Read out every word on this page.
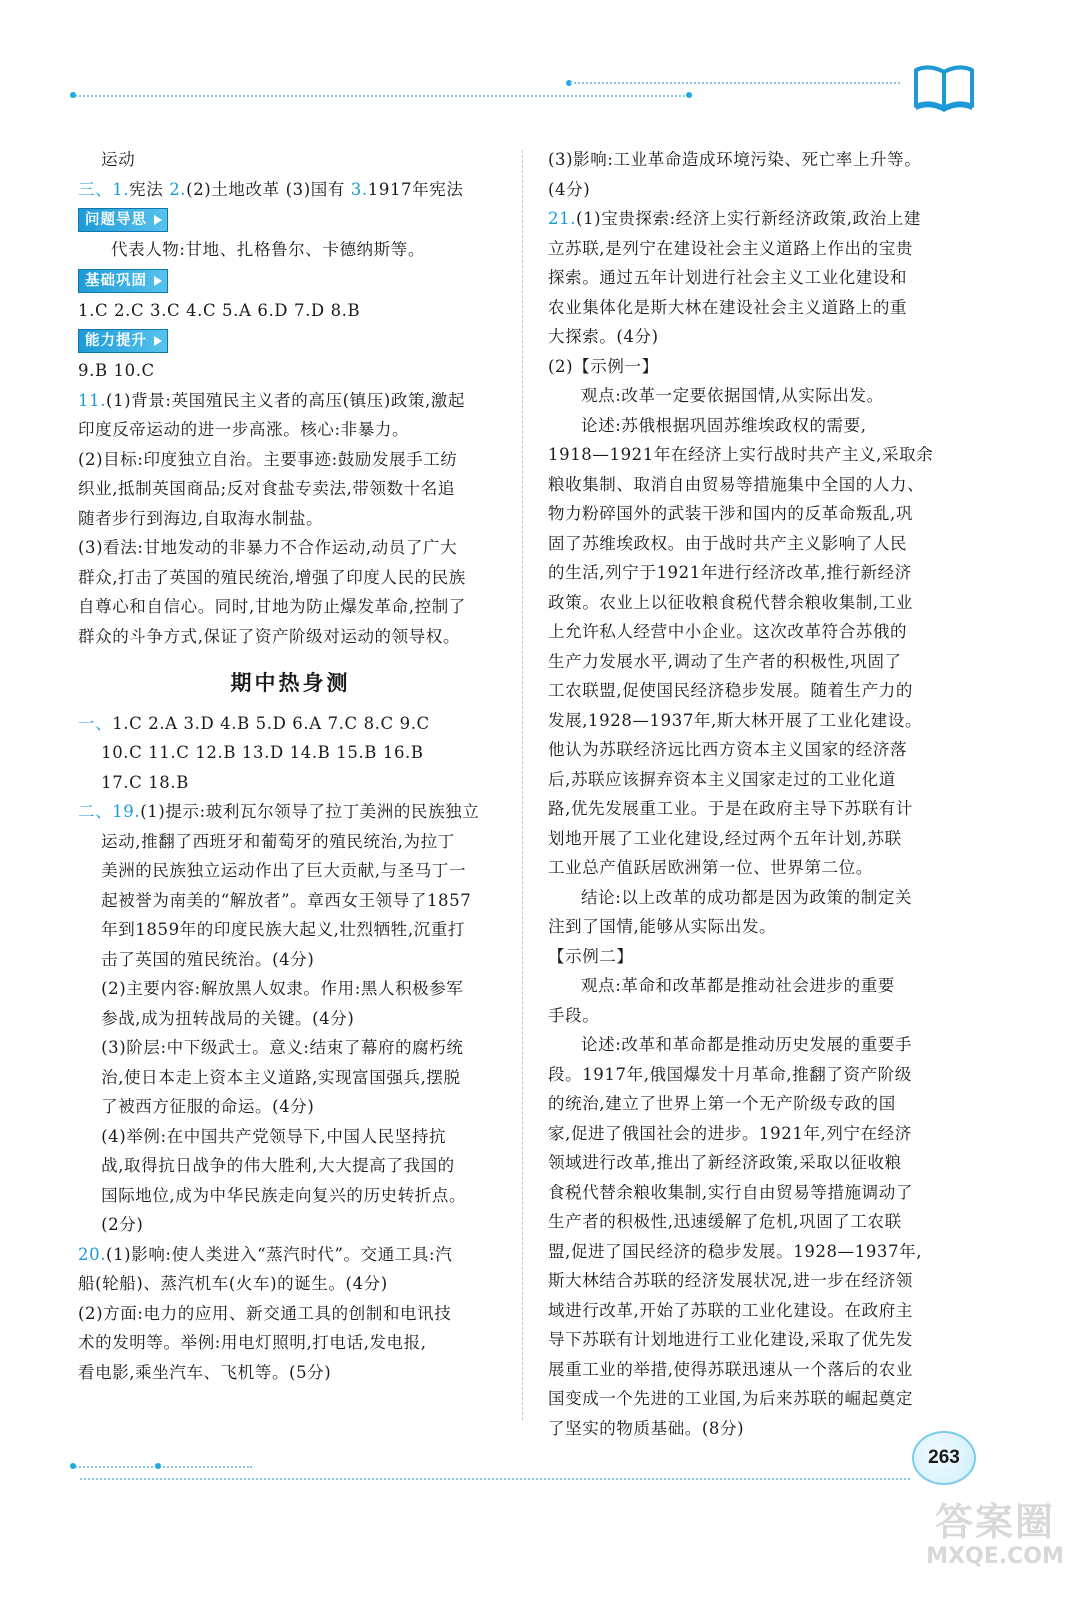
运动
三、1.宪法 2.(2)土地改革 (3)国有 3.1917年宪法
问题导思
代表人物:甘地、扎格鲁尔、卡德纳斯等。
基础巩固
1.C 2.C 3.C 4.C 5.A 6.D 7.D 8.B
能力提升
9.B 10.C
11.(1)背景:英国殖民主义者的高压(镇压)政策,激起
印度反帝运动的进一步高涨。核心:非暴力。
(2)目标:印度独立自治。主要事迹:鼓励发展手工纺
织业,抵制英国商品;反对食盐专卖法,带领数十名追
随者步行到海边,自取海水制盐。
(3)看法:甘地发动的非暴力不合作运动,动员了广大
群众,打击了英国的殖民统治,增强了印度人民的民族
自尊心和自信心。同时,甘地为防止爆发革命,控制了
群众的斗争方式,保证了资产阶级对运动的领导权。
期中热身测
一、1.C 2.A 3.D 4.B 5.D 6.A 7.C 8.C 9.C
10.C 11.C 12.B 13.D 14.B 15.B 16.B
17.C 18.B
二、19.(1)提示:玻利瓦尔领导了拉丁美洲的民族独立
运动,推翻了西班牙和葡萄牙的殖民统治,为拉丁
美洲的民族独立运动作出了巨大贡献,与圣马丁一
起被誉为南美的“解放者”。章西女王领导了1857
年到1859年的印度民族大起义,壮烈牺牲,沉重打
击了英国的殖民统治。(4分)
(2)主要内容:解放黑人奴隶。作用:黑人积极参军
参战,成为扭转战局的关键。(4分)
(3)阶层:中下级武士。意义:结束了幕府的腐朽统
治,使日本走上资本主义道路,实现富国强兵,摆脱
了被西方征服的命运。(4分)
(4)举例:在中国共产党领导下,中国人民坚持抗
战,取得抗日战争的伟大胜利,大大提高了我国的
国际地位,成为中华民族走向复兴的历史转折点。
(2分)
20.(1)影响:使人类进入“蒸汽时代”。交通工具:汽
船(轮船)、蒸汽机车(火车)的诞生。(4分)
(2)方面:电力的应用、新交通工具的创制和电讯技
术的发明等。举例:用电灯照明,打电话,发电报,
看电影,乘坐汽车、飞机等。(5分)
(3)影响:工业革命造成环境污染、死亡率上升等。
(4分)
21.(1)宝贵探索:经济上实行新经济政策,政治上建
立苏联,是列宁在建设社会主义道路上作出的宝贵
探索。通过五年计划进行社会主义工业化建设和
农业集体化是斯大林在建设社会主义道路上的重
大探索。(4分)
(2)【示例一】
观点:改革一定要依据国情,从实际出发。
论述:苏俄根据巩固苏维埃政权的需要,
1918—1921年在经济上实行战时共产主义,采取余
粮收集制、取消自由贸易等措施集中全国的人力、
物力粉碎国外的武装干涉和国内的反革命叛乱,巩
固了苏维埃政权。由于战时共产主义影响了人民
的生活,列宁于1921年进行经济改革,推行新经济
政策。农业上以征收粮食税代替余粮收集制,工业
上允许私人经营中小企业。这次改革符合苏俄的
生产力发展水平,调动了生产者的积极性,巩固了
工农联盟,促使国民经济稳步发展。随着生产力的
发展,1928—1937年,斯大林开展了工业化建设。
他认为苏联经济远比西方资本主义国家的经济落
后,苏联应该摒弃资本主义国家走过的工业化道
路,优先发展重工业。于是在政府主导下苏联有计
划地开展了工业化建设,经过两个五年计划,苏联
工业总产值跃居欧洲第一位、世界第二位。
结论:以上改革的成功都是因为政策的制定关
注到了国情,能够从实际出发。
【示例二】
观点:革命和改革都是推动社会进步的重要
手段。
论述:改革和革命都是推动历史发展的重要手
段。1917年,俄国爆发十月革命,推翻了资产阶级
的统治,建立了世界上第一个无产阶级专政的国
家,促进了俄国社会的进步。1921年,列宁在经济
领域进行改革,推出了新经济政策,采取以征收粮
食税代替余粮收集制,实行自由贸易等措施调动了
生产者的积极性,迅速缓解了危机,巩固了工农联
盟,促进了国民经济的稳步发展。1928—1937年,
斯大林结合苏联的经济发展状况,进一步在经济领
域进行改革,开始了苏联的工业化建设。在政府主
导下苏联有计划地进行工业化建设,采取了优先发
展重工业的举措,使得苏联迅速从一个落后的农业
国变成一个先进的工业国,为后来苏联的崛起奠定
了坚实的物质基础。(8分)
263
答案圈
MXQE.COM
